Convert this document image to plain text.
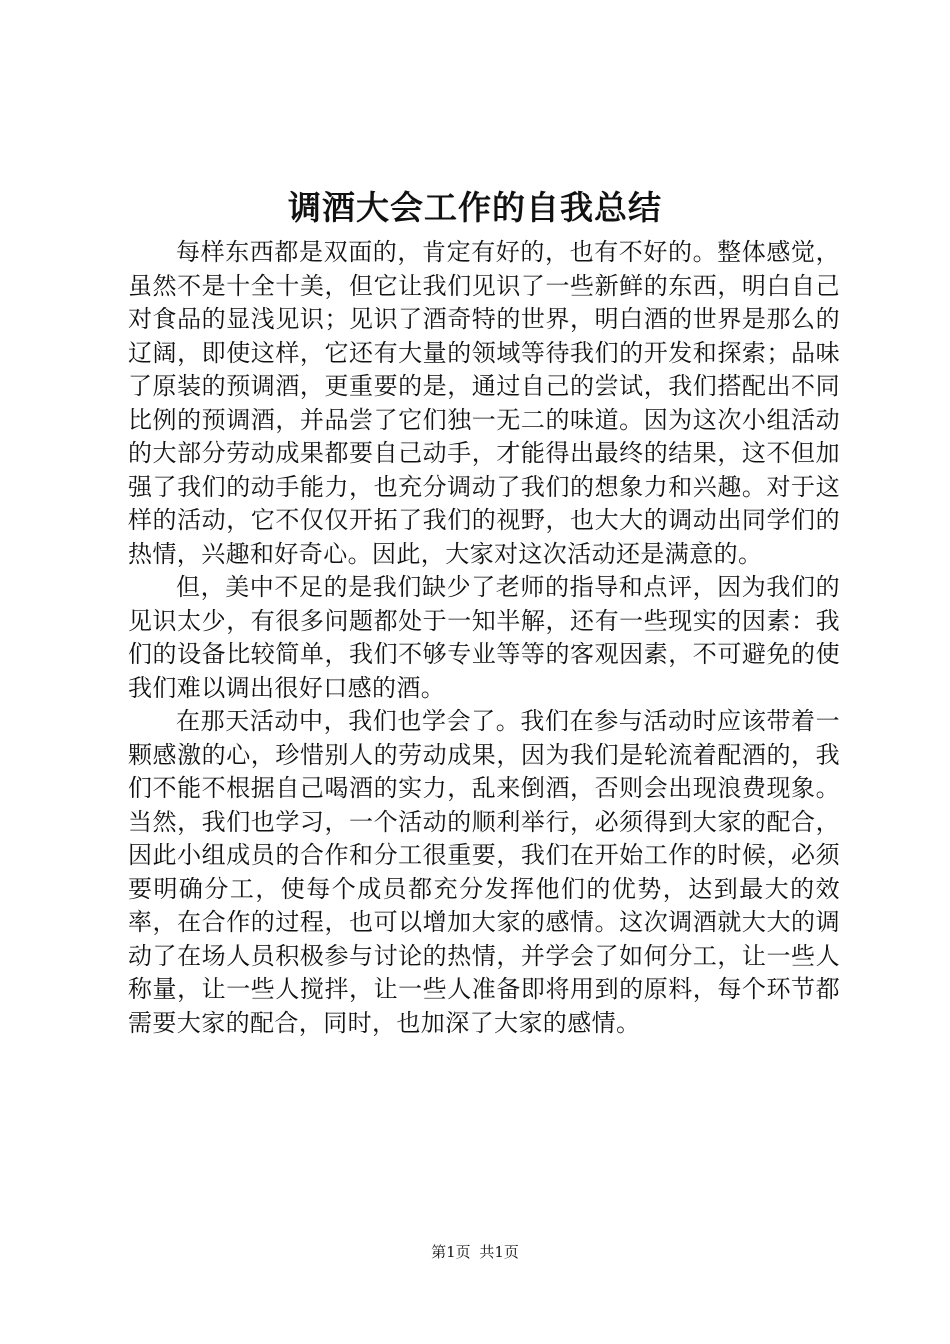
调酒大会工作的自我总结

每样东西都是双面的，肯定有好的，也有不好的。整体感觉，虽然不是十全十美，但它让我们见识了一些新鲜的东西，明白自己对食品的显浅见识；见识了酒奇特的世界，明白酒的世界是那么的辽阔，即使这样，它还有大量的领域等待我们的开发和探索；品味了原装的预调酒，更重要的是，通过自己的尝试，我们搭配出不同比例的预调酒，并品尝了它们独一无二的味道。因为这次小组活动的大部分劳动成果都要自己动手，才能得出最终的结果，这不但加强了我们的动手能力，也充分调动了我们的想象力和兴趣。对于这样的活动，它不仅仅开拓了我们的视野，也大大的调动出同学们的热情，兴趣和好奇心。因此，大家对这次活动还是满意的。

但，美中不足的是我们缺少了老师的指导和点评，因为我们的见识太少，有很多问题都处于一知半解，还有一些现实的因素：我们的设备比较简单，我们不够专业等等的客观因素，不可避免的使我们难以调出很好口感的酒。

在那天活动中，我们也学会了。我们在参与活动时应该带着一颗感激的心，珍惜别人的劳动成果，因为我们是轮流着配酒的，我们不能不根据自己喝酒的实力，乱来倒酒，否则会出现浪费现象。当然，我们也学习，一个活动的顺利举行，必须得到大家的配合，因此小组成员的合作和分工很重要，我们在开始工作的时候，必须要明确分工，使每个成员都充分发挥他们的优势，达到最大的效率，在合作的过程，也可以增加大家的感情。这次调酒就大大的调动了在场人员积极参与讨论的热情，并学会了如何分工，让一些人称量，让一些人搅拌，让一些人准备即将用到的原料，每个环节都需要大家的配合，同时，也加深了大家的感情。

第1页 共1页
